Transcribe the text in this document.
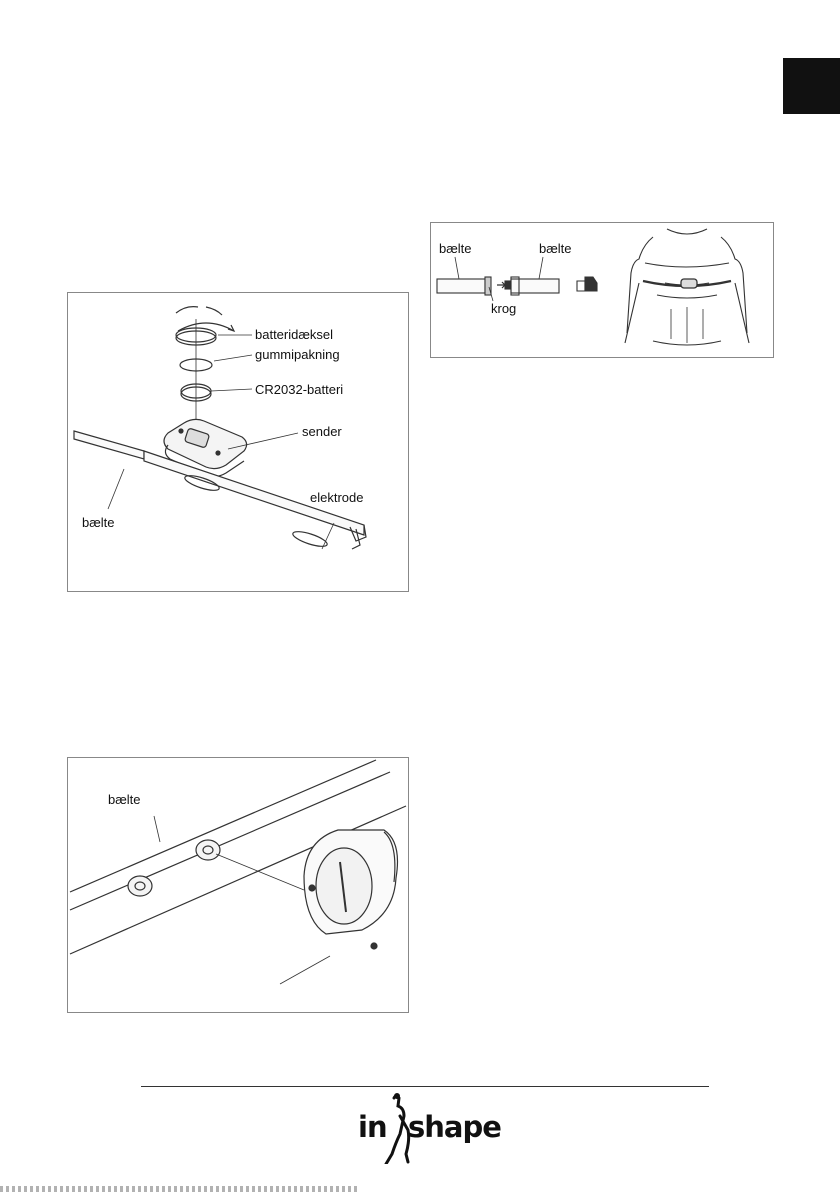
batteridæksel
gummipakning
CR2032-batteri
sender
bælte
elektrode
bælte	bælte
krog
bælte
in shape
